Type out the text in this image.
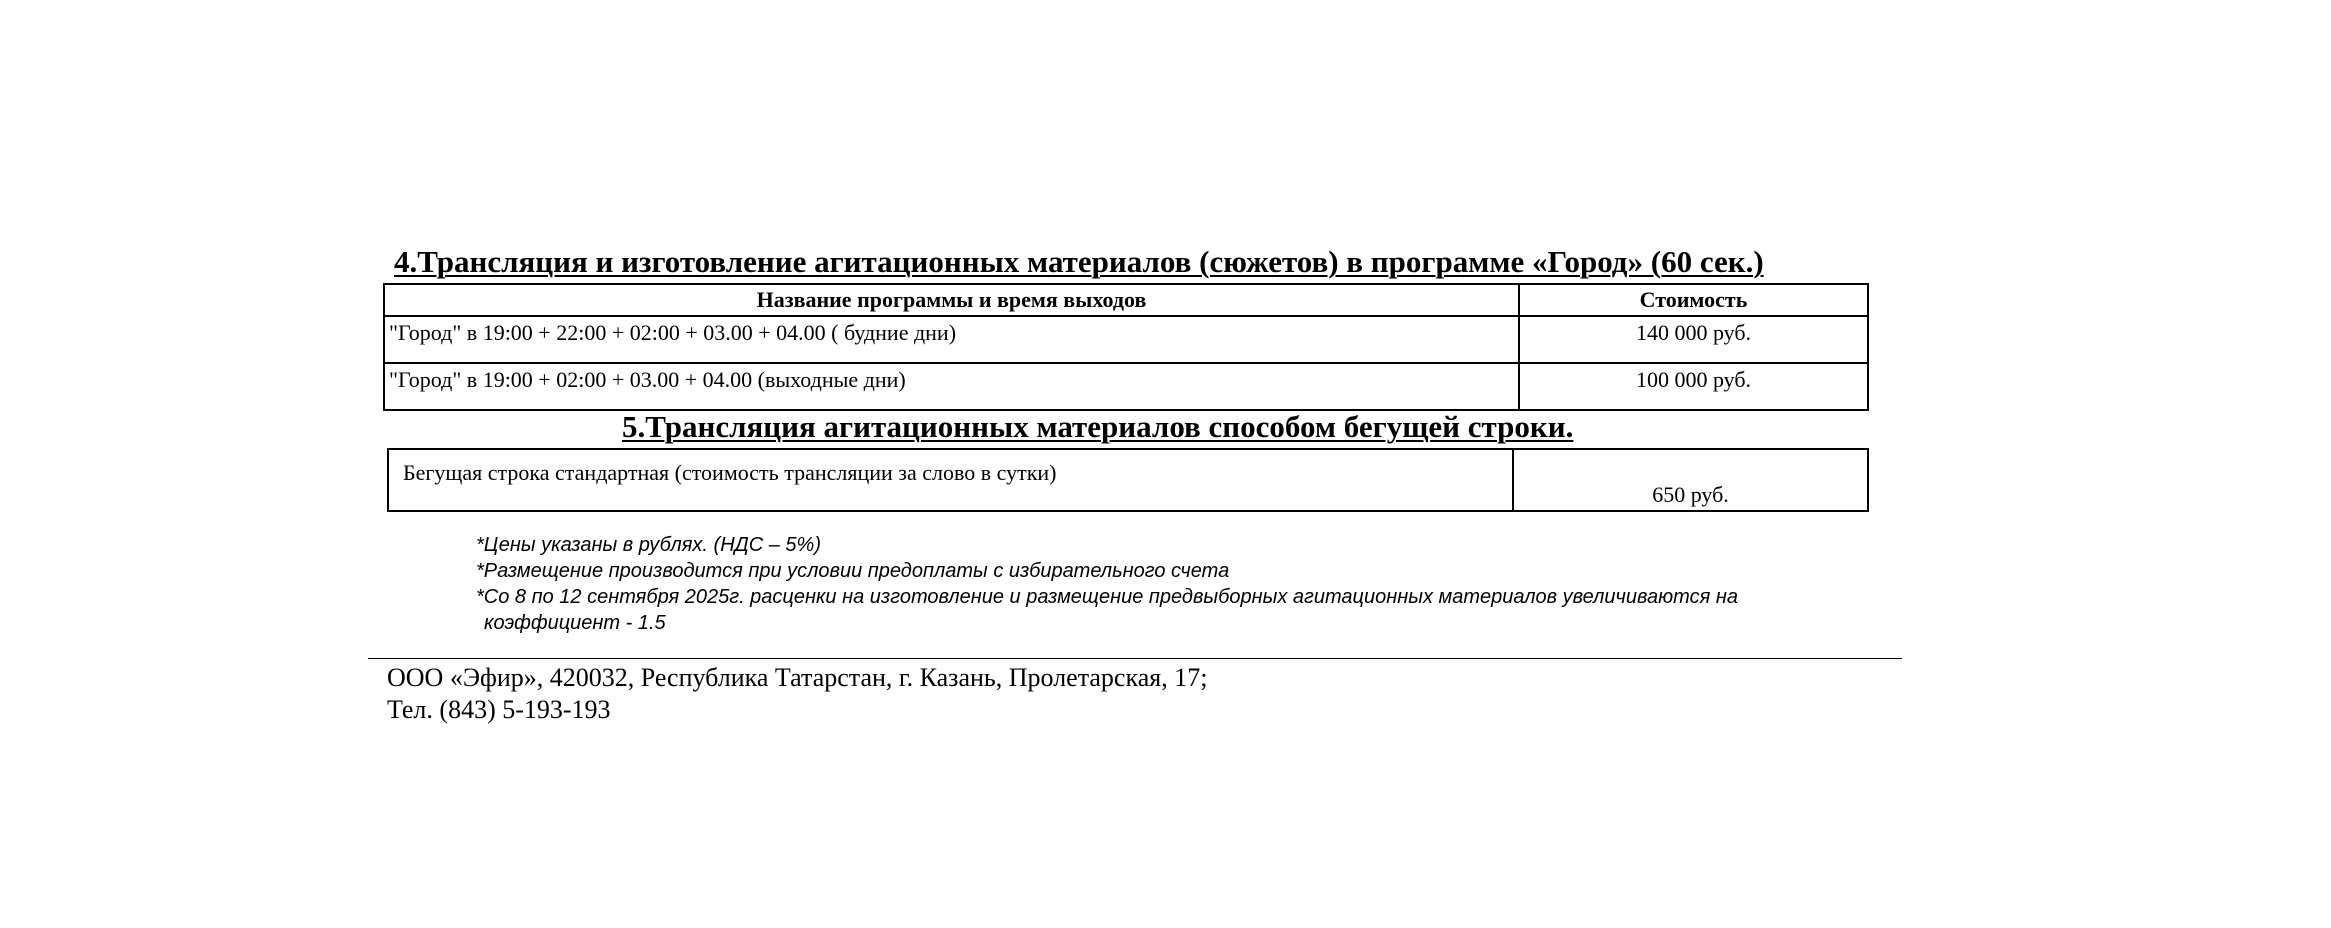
4.Трансляция и изготовление агитационных материалов (сюжетов) в программе «Город» (60 сек.)
Название программы и время выходов	Стоимость
"Город" в 19:00 + 22:00 + 02:00 + 03.00 + 04.00 ( будние дни)	140 000 руб.
"Город" в 19:00 + 02:00 + 03.00 + 04.00 (выходные дни)	100 000 руб.
5.Трансляция агитационных материалов способом бегущей строки.
Бегущая строка стандартная (стоимость трансляции за слово в сутки)	650 руб.
*Цены указаны в рублях. (НДС – 5%)
*Размещение производится при условии предоплаты с избирательного счета
*Со 8 по 12 сентября 2025г. расценки на изготовление и размещение предвыборных агитационных материалов увеличиваются на
коэффициент - 1.5
ООО «Эфир», 420032, Республика Татарстан, г. Казань, Пролетарская, 17;
Тел. (843) 5-193-193
